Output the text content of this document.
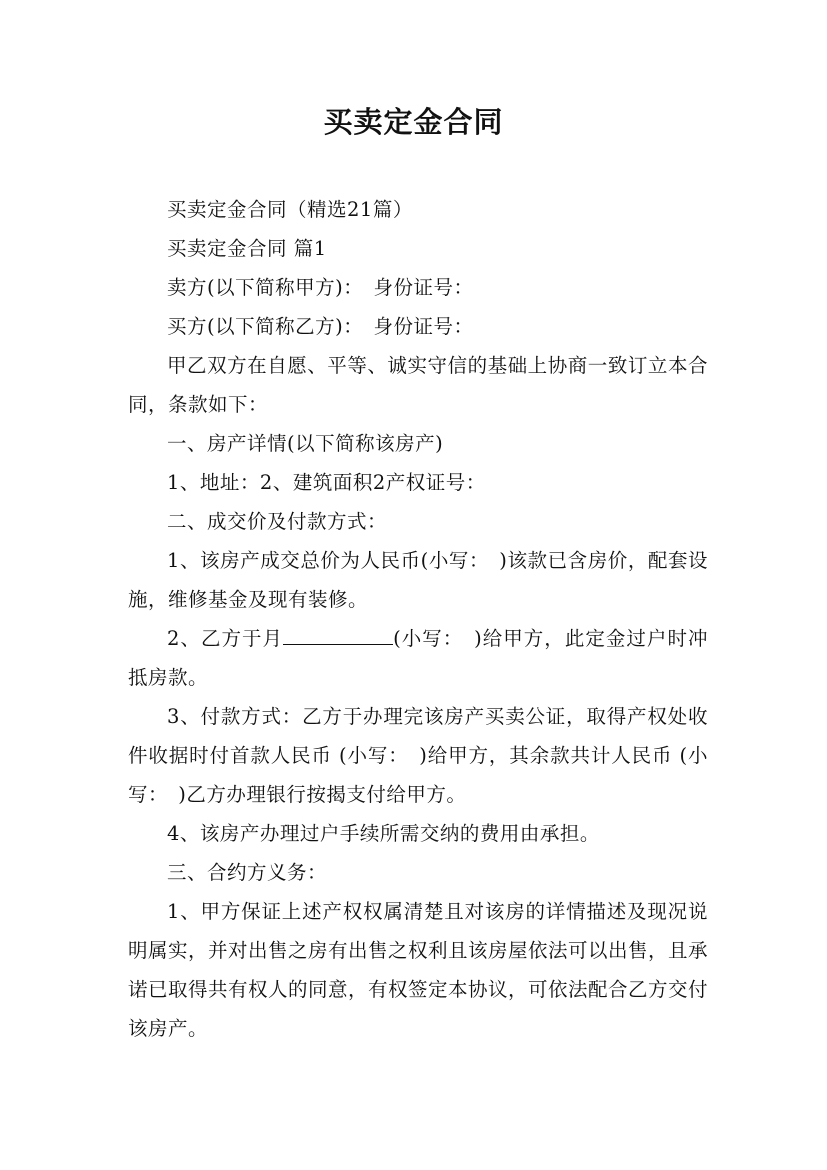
买卖定金合同

买卖定金合同（精选21篇）

买卖定金合同 篇1

卖方(以下简称甲方)：　身份证号：

买方(以下简称乙方)：　身份证号：

甲乙双方在自愿、平等、诚实守信的基础上协商一致订立本合同，条款如下：

一、房产详情(以下简称该房产)

1、地址：2、建筑面积2产权证号：

二、成交价及付款方式：

1、该房产成交总价为人民币(小写：　)该款已含房价，配套设施，维修基金及现有装修。

2、乙方于月	(小写：　)给甲方，此定金过户时冲抵房款。

3、付款方式：乙方于办理完该房产买卖公证，取得产权处收件收据时付首款人民币 (小写：　)给甲方，其余款共计人民币 (小写：　)乙方办理银行按揭支付给甲方。

4、该房产办理过户手续所需交纳的费用由承担。

三、合约方义务：

1、甲方保证上述产权权属清楚且对该房的详情描述及现况说明属实，并对出售之房有出售之权利且该房屋依法可以出售，且承诺已取得共有权人的同意，有权签定本协议，可依法配合乙方交付该房产。
